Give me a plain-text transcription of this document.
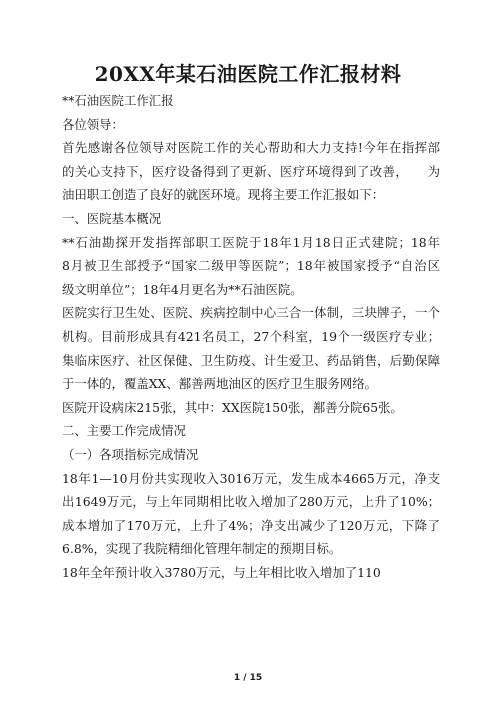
20XX年某石油医院工作汇报材料
**石油医院工作汇报
各位领导：
首先感谢各位领导对医院工作的关心帮助和大力支持!今年在指挥部
的关心支持下，医疗设备得到了更新、医疗环境得到了改善，　　为
油田职工创造了良好的就医环境。现将主要工作汇报如下：
一、医院基本概况
**石油勘探开发指挥部职工医院于18年1月18日正式建院；18年
8月被卫生部授予“国家二级甲等医院”；18年被国家授予“自治区
级文明单位”；18年4月更名为**石油医院。
医院实行卫生处、医院、疾病控制中心三合一体制，三块牌子，一个
机构。目前形成具有421名员工，27个科室，19个一级医疗专业；
集临床医疗、社区保健、卫生防疫、计生爱卫、药品销售，后勤保障
于一体的，覆盖XX、鄯善两地油区的医疗卫生服务网络。
医院开设病床215张，其中：XX医院150张，鄯善分院65张。
二、主要工作完成情况
（一）各项指标完成情况
18年1—10月份共实现收入3016万元，发生成本4665万元，净支
出1649万元，与上年同期相比收入增加了280万元，上升了10%；
成本增加了170万元，上升了4%；净支出减少了120万元，下降了
6.8%，实现了我院精细化管理年制定的预期目标。
18年全年预计收入3780万元，与上年相比收入增加了110
1 / 15
